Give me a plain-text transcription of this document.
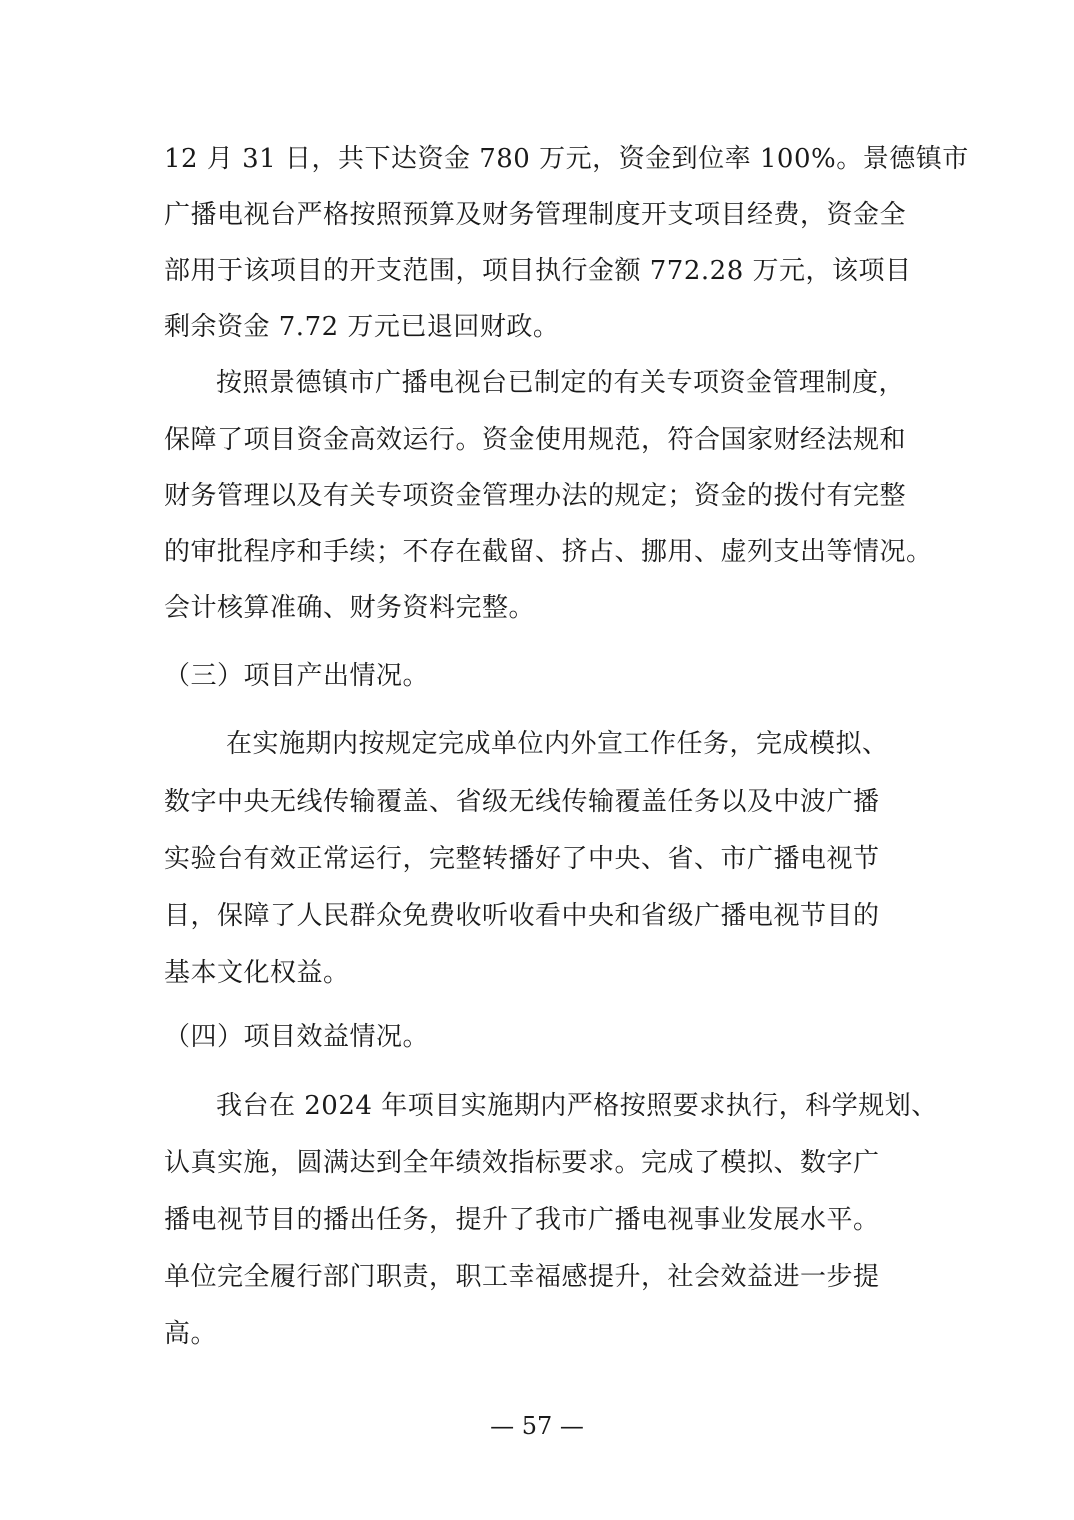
12 月 31 日，共下达资金 780 万元，资金到位率 100%。景德镇市
广播电视台严格按照预算及财务管理制度开支项目经费，资金全
部用于该项目的开支范围，项目执行金额 772.28 万元，该项目
剩余资金 7.72 万元已退回财政。
按照景德镇市广播电视台已制定的有关专项资金管理制度，
保障了项目资金高效运行。资金使用规范，符合国家财经法规和
财务管理以及有关专项资金管理办法的规定；资金的拨付有完整
的审批程序和手续；不存在截留、挤占、挪用、虚列支出等情况。
会计核算准确、财务资料完整。
（三）项目产出情况。
在实施期内按规定完成单位内外宣工作任务，完成模拟、
数字中央无线传输覆盖、省级无线传输覆盖任务以及中波广播
实验台有效正常运行，完整转播好了中央、省、市广播电视节
目，保障了人民群众免费收听收看中央和省级广播电视节目的
基本文化权益。
（四）项目效益情况。
我台在 2024 年项目实施期内严格按照要求执行，科学规划、
认真实施，圆满达到全年绩效指标要求。完成了模拟、数字广
播电视节目的播出任务，提升了我市广播电视事业发展水平。
单位完全履行部门职责，职工幸福感提升，社会效益进一步提
高。
— 57 —
